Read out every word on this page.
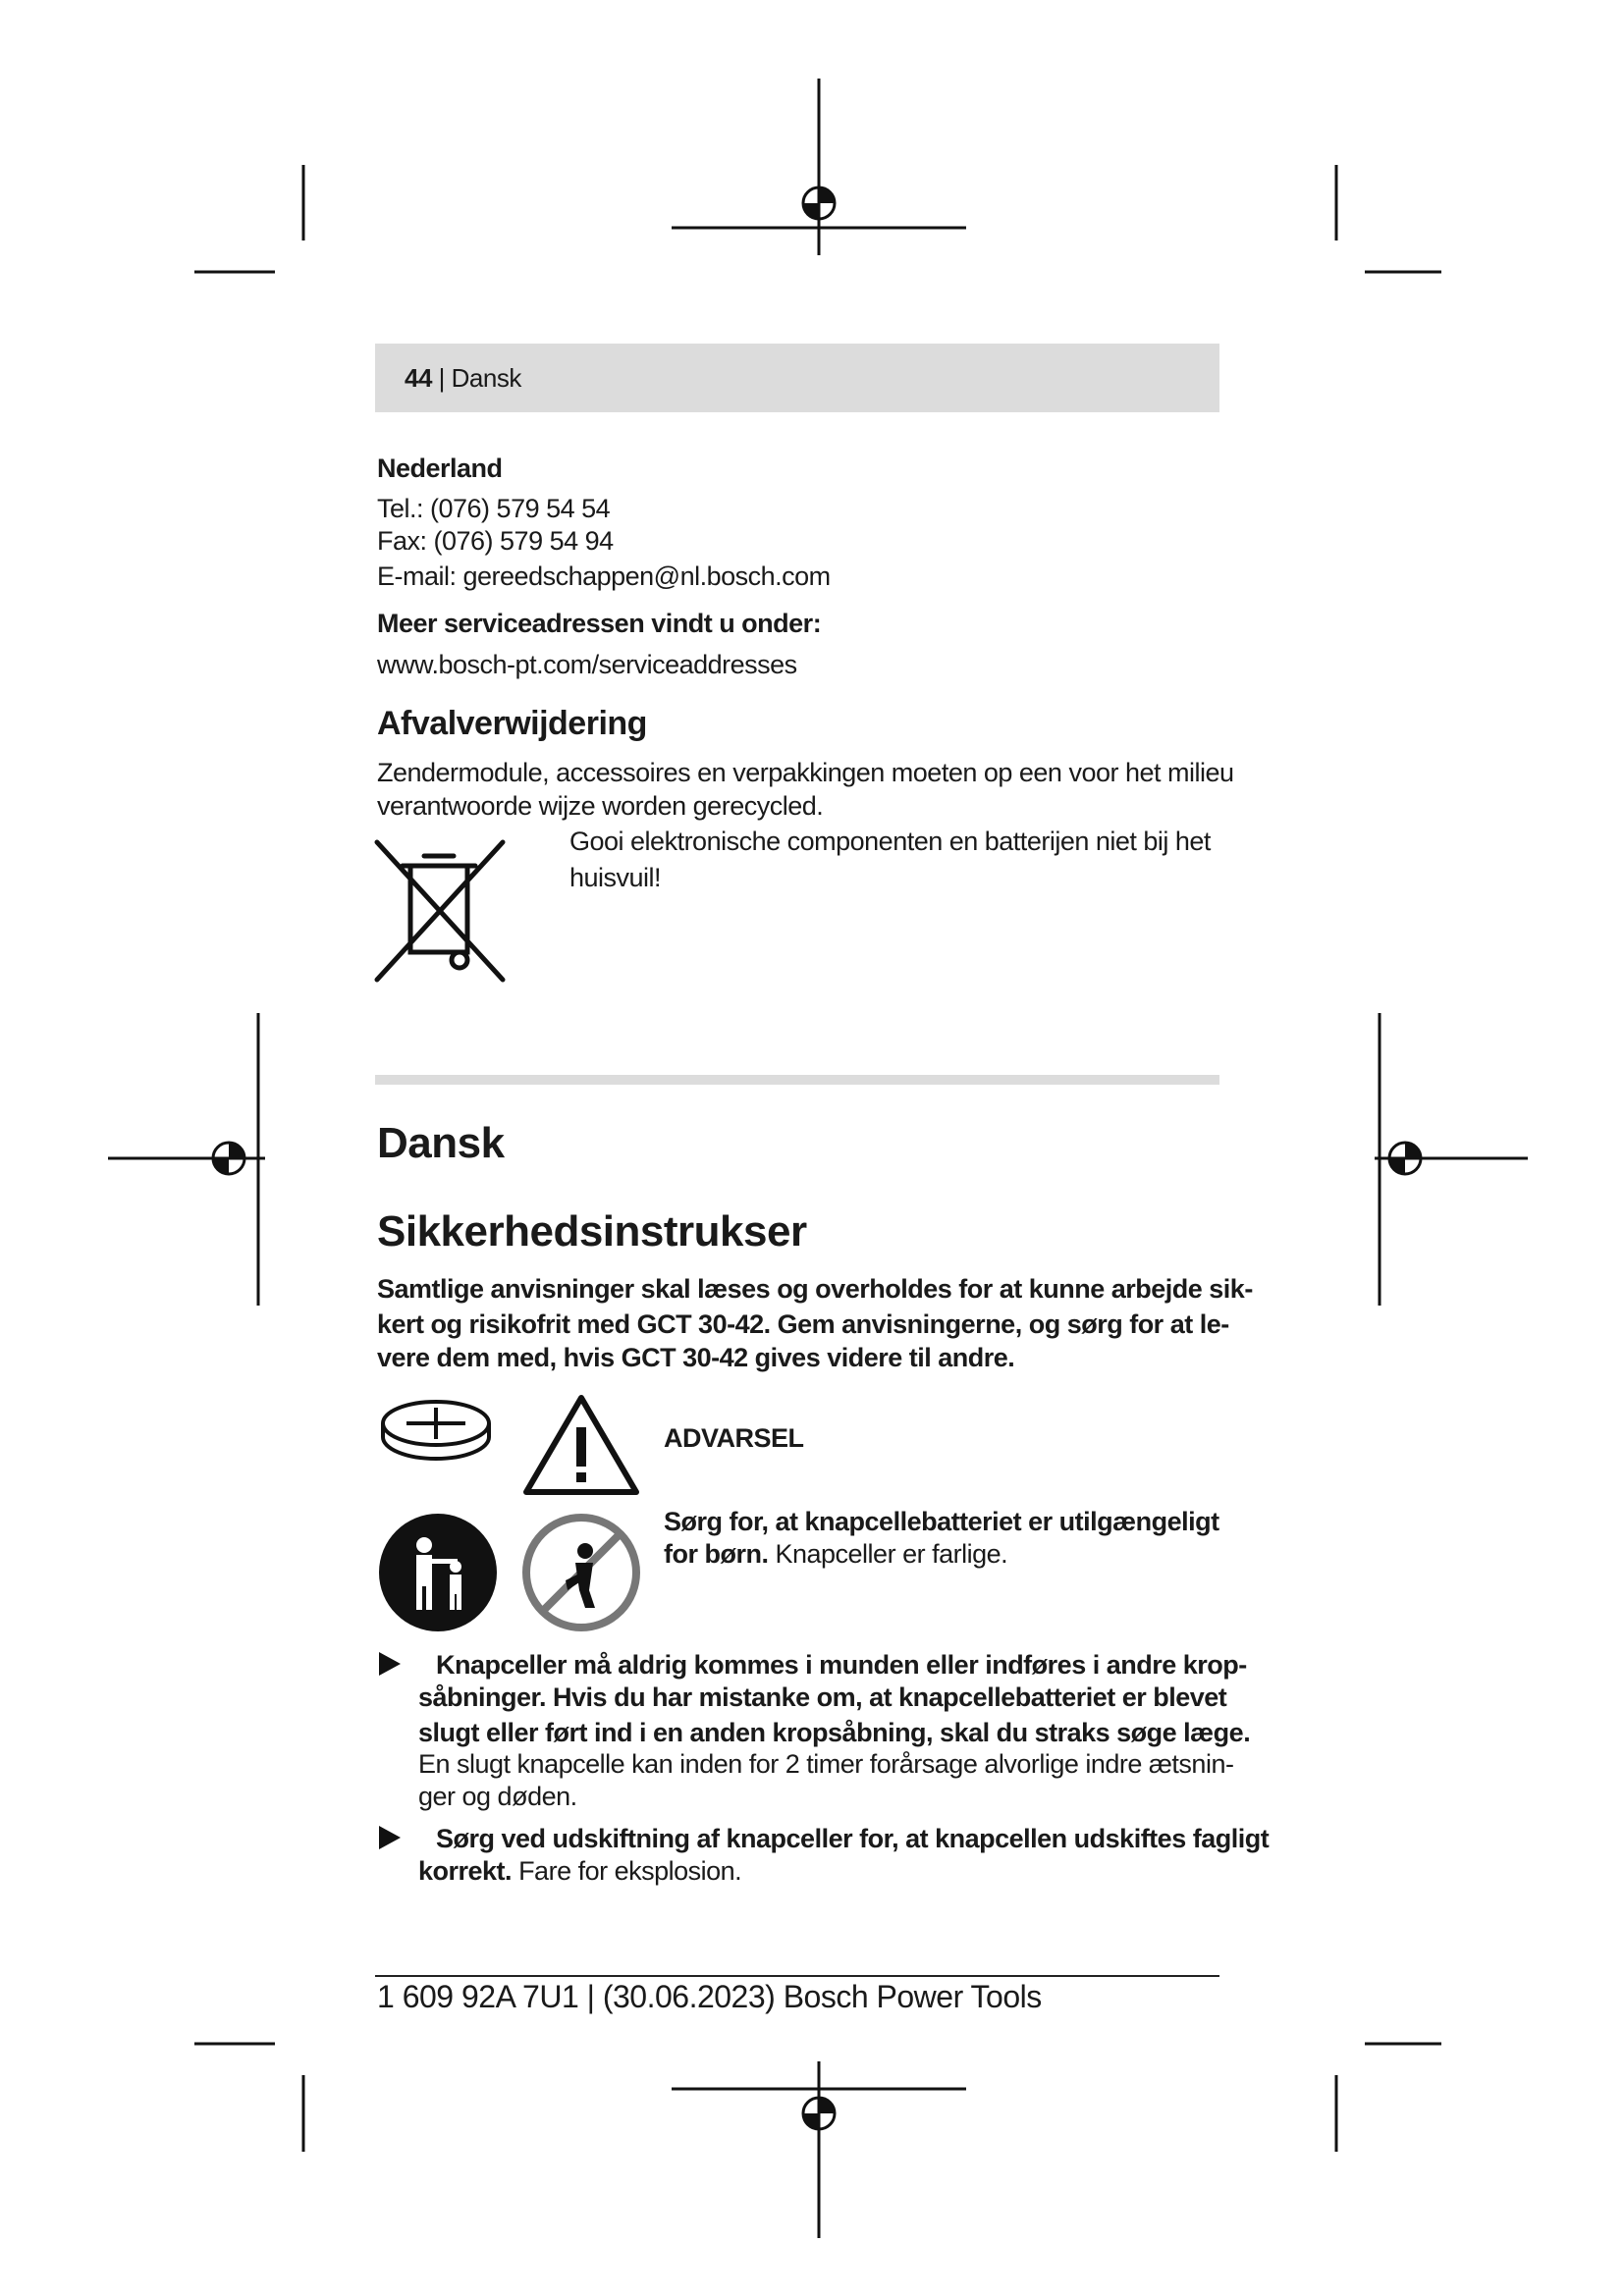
44 | Dansk
Nederland
Tel.: (076) 579 54 54
Fax: (076) 579 54 94
E-mail: gereedschappen@nl.bosch.com
Meer serviceadressen vindt u onder:
www.bosch-pt.com/serviceaddresses
Afvalverwijdering
Zendermodule, accessoires en verpakkingen moeten op een voor het milieu
verantwoorde wijze worden gerecycled.
Gooi elektronische componenten en batterijen niet bij het
huisvuil!
Dansk
Sikkerhedsinstrukser
Samtlige anvisninger skal læses og overholdes for at kunne arbejde sik-
kert og risikofrit med GCT 30-42. Gem anvisningerne, og sørg for at le-
vere dem med, hvis GCT 30-42 gives videre til andre.
ADVARSEL
Sørg for, at knapcellebatteriet er utilgængeligt
for børn. Knapceller er farlige.
Knapceller må aldrig kommes i munden eller indføres i andre krop-
såbninger. Hvis du har mistanke om, at knapcellebatteriet er blevet
slugt eller ført ind i en anden kropsåbning, skal du straks søge læge.
En slugt knapcelle kan inden for 2 timer forårsage alvorlige indre ætsnin-
ger og døden.
Sørg ved udskiftning af knapceller for, at knapcellen udskiftes fagligt
korrekt. Fare for eksplosion.
1 609 92A 7U1 | (30.06.2023) Bosch Power Tools
